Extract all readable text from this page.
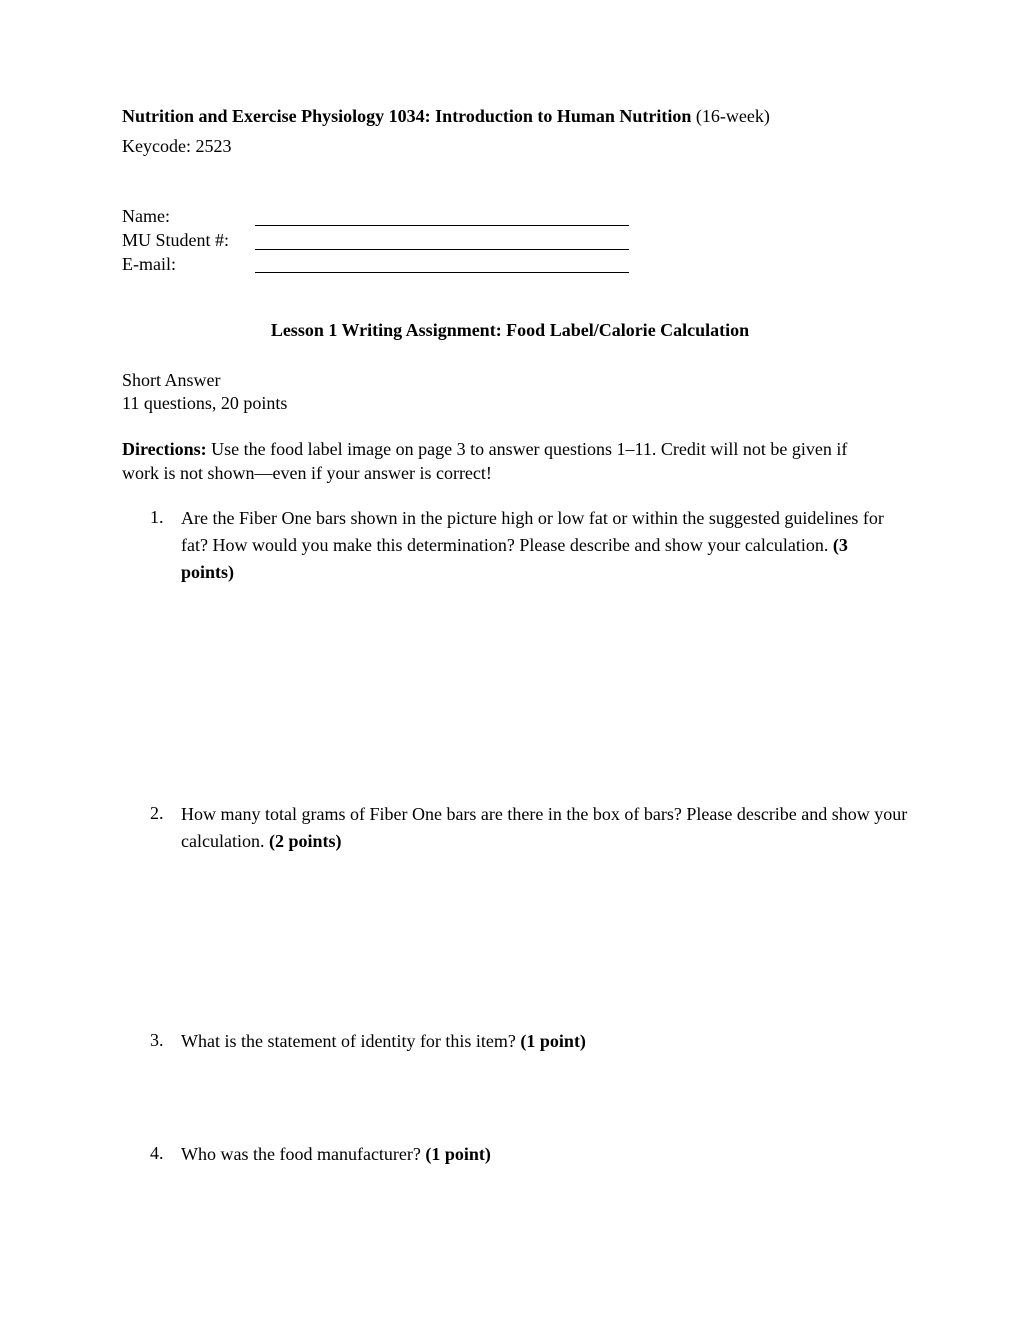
Nutrition and Exercise Physiology 1034: Introduction to Human Nutrition (16-week)
Keycode: 2523
Name:
MU Student #:
E-mail:
Lesson 1 Writing Assignment: Food Label/Calorie Calculation
Short Answer
11 questions, 20 points
Directions: Use the food label image on page 3 to answer questions 1–11. Credit will not be given if work is not shown—even if your answer is correct!
1. Are the Fiber One bars shown in the picture high or low fat or within the suggested guidelines for fat? How would you make this determination? Please describe and show your calculation. (3 points)
2. How many total grams of Fiber One bars are there in the box of bars? Please describe and show your calculation. (2 points)
3. What is the statement of identity for this item? (1 point)
4. Who was the food manufacturer? (1 point)
